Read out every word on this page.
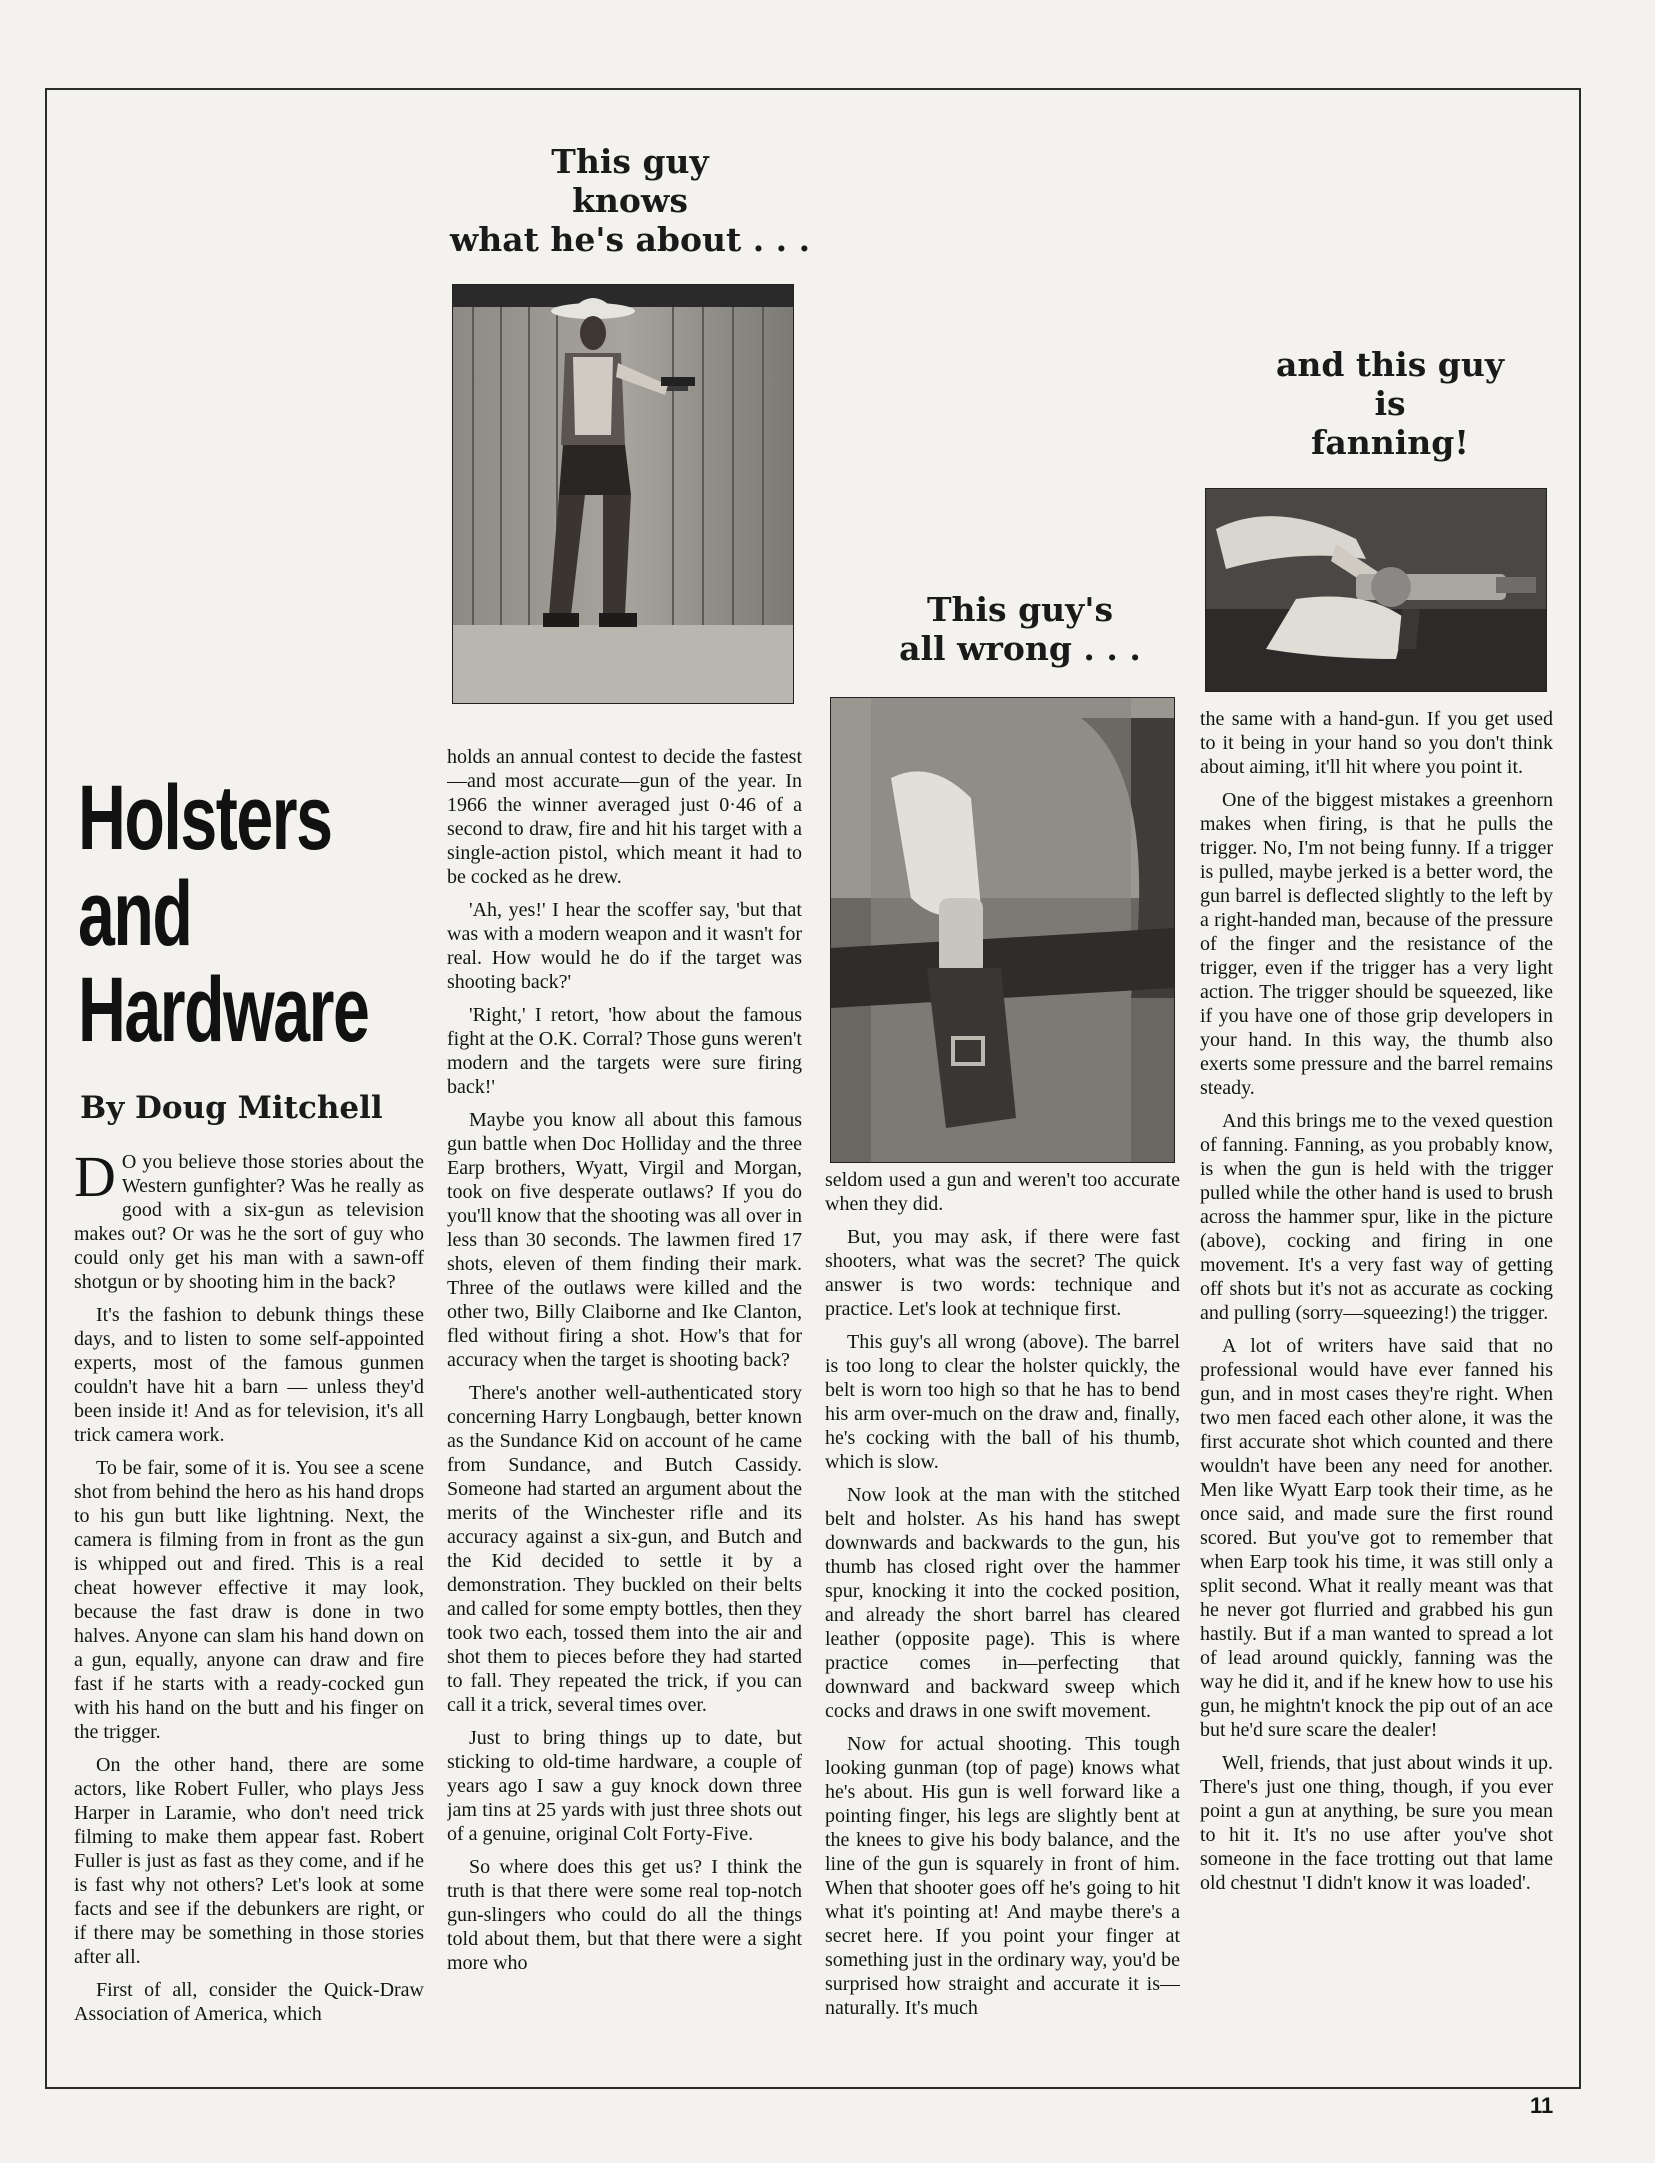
This guy
knows
what he's about . . .
and this guy
is
fanning!
This guy's
all wrong . . .
Holsters
and
Hardware
By Doug Mitchell

D O you believe those stories about the Western gunfighter? Was he really as good with a six-gun as television makes out? Or was he the sort of guy who could only get his man with a sawn-off shotgun or by shooting him in the back?

It's the fashion to debunk things these days, and to listen to some self-appointed experts, most of the famous gunmen couldn't have hit a barn — unless they'd been inside it! And as for television, it's all trick camera work.

To be fair, some of it is. You see a scene shot from behind the hero as his hand drops to his gun butt like lightning. Next, the camera is filming from in front as the gun is whipped out and fired. This is a real cheat however effective it may look, because the fast draw is done in two halves. Anyone can slam his hand down on a gun, equally, anyone can draw and fire fast if he starts with a ready-cocked gun with his hand on the butt and his finger on the trigger.

On the other hand, there are some actors, like Robert Fuller, who plays Jess Harper in Laramie, who don't need trick filming to make them appear fast. Robert Fuller is just as fast as they come, and if he is fast why not others? Let's look at some facts and see if the debunkers are right, or if there may be something in those stories after all.

First of all, consider the Quick-Draw Association of America, which

holds an annual contest to decide the fastest—and most accurate—gun of the year. In 1966 the winner averaged just 0·46 of a second to draw, fire and hit his target with a single-action pistol, which meant it had to be cocked as he drew.

'Ah, yes!' I hear the scoffer say, 'but that was with a modern weapon and it wasn't for real. How would he do if the target was shooting back?'

'Right,' I retort, 'how about the famous fight at the O.K. Corral? Those guns weren't modern and the targets were sure firing back!'

Maybe you know all about this famous gun battle when Doc Holliday and the three Earp brothers, Wyatt, Virgil and Morgan, took on five desperate outlaws? If you do you'll know that the shooting was all over in less than 30 seconds. The lawmen fired 17 shots, eleven of them finding their mark. Three of the outlaws were killed and the other two, Billy Claiborne and Ike Clanton, fled without firing a shot. How's that for accuracy when the target is shooting back?

There's another well-authenticated story concerning Harry Longbaugh, better known as the Sundance Kid on account of he came from Sundance, and Butch Cassidy. Someone had started an argument about the merits of the Winchester rifle and its accuracy against a six-gun, and Butch and the Kid decided to settle it by a demonstration. They buckled on their belts and called for some empty bottles, then they took two each, tossed them into the air and shot them to pieces before they had started to fall. They repeated the trick, if you can call it a trick, several times over.

Just to bring things up to date, but sticking to old-time hardware, a couple of years ago I saw a guy knock down three jam tins at 25 yards with just three shots out of a genuine, original Colt Forty-Five.

So where does this get us? I think the truth is that there were some real top-notch gun-slingers who could do all the things told about them, but that there were a sight more who

seldom used a gun and weren't too accurate when they did.

But, you may ask, if there were fast shooters, what was the secret? The quick answer is two words: technique and practice. Let's look at technique first.

This guy's all wrong (above). The barrel is too long to clear the holster quickly, the belt is worn too high so that he has to bend his arm over-much on the draw and, finally, he's cocking with the ball of his thumb, which is slow.

Now look at the man with the stitched belt and holster. As his hand has swept downwards and backwards to the gun, his thumb has closed right over the hammer spur, knocking it into the cocked position, and already the short barrel has cleared leather (opposite page). This is where practice comes in—perfecting that downward and backward sweep which cocks and draws in one swift movement.

Now for actual shooting. This tough looking gunman (top of page) knows what he's about. His gun is well forward like a pointing finger, his legs are slightly bent at the knees to give his body balance, and the line of the gun is squarely in front of him. When that shooter goes off he's going to hit what it's pointing at! And maybe there's a secret here. If you point your finger at something just in the ordinary way, you'd be surprised how straight and accurate it is—naturally. It's much

the same with a hand-gun. If you get used to it being in your hand so you don't think about aiming, it'll hit where you point it.

One of the biggest mistakes a greenhorn makes when firing, is that he pulls the trigger. No, I'm not being funny. If a trigger is pulled, maybe jerked is a better word, the gun barrel is deflected slightly to the left by a right-handed man, because of the pressure of the finger and the resistance of the trigger, even if the trigger has a very light action. The trigger should be squeezed, like if you have one of those grip developers in your hand. In this way, the thumb also exerts some pressure and the barrel remains steady.

And this brings me to the vexed question of fanning. Fanning, as you probably know, is when the gun is held with the trigger pulled while the other hand is used to brush across the hammer spur, like in the picture (above), cocking and firing in one movement. It's a very fast way of getting off shots but it's not as accurate as cocking and pulling (sorry—squeezing!) the trigger.

A lot of writers have said that no professional would have ever fanned his gun, and in most cases they're right. When two men faced each other alone, it was the first accurate shot which counted and there wouldn't have been any need for another. Men like Wyatt Earp took their time, as he once said, and made sure the first round scored. But you've got to remember that when Earp took his time, it was still only a split second. What it really meant was that he never got flurried and grabbed his gun hastily. But if a man wanted to spread a lot of lead around quickly, fanning was the way he did it, and if he knew how to use his gun, he mightn't knock the pip out of an ace but he'd sure scare the dealer!

Well, friends, that just about winds it up. There's just one thing, though, if you ever point a gun at anything, be sure you mean to hit it. It's no use after you've shot someone in the face trotting out that lame old chestnut 'I didn't know it was loaded'.

11
